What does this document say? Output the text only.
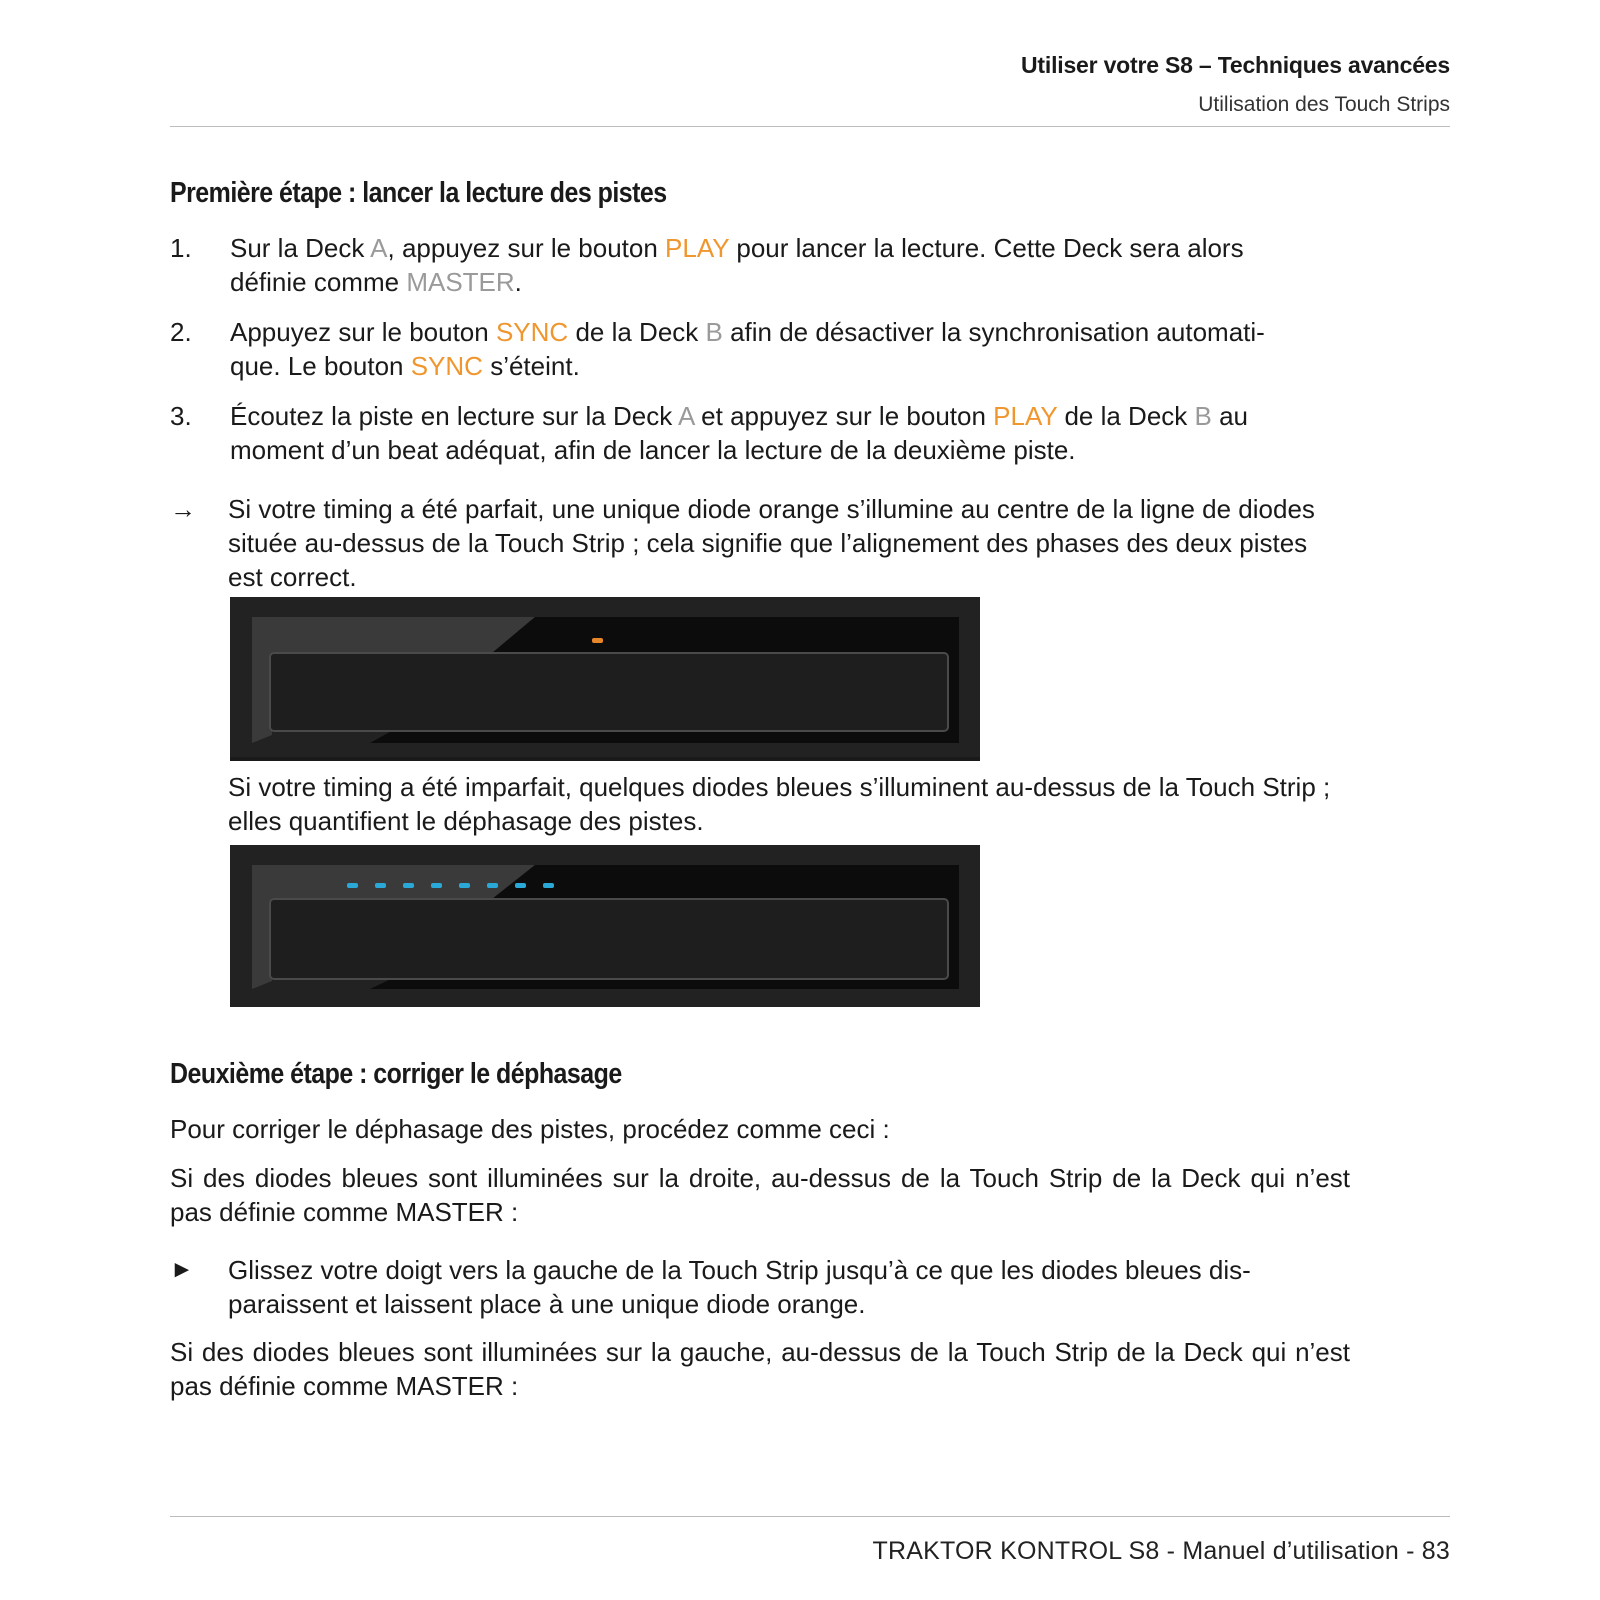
Utiliser votre S8 – Techniques avancées
Utilisation des Touch Strips
Première étape : lancer la lecture des pistes
1. Sur la Deck A, appuyez sur le bouton PLAY pour lancer la lecture. Cette Deck sera alors
définie comme MASTER.
2. Appuyez sur le bouton SYNC de la Deck B afin de désactiver la synchronisation automati-
que. Le bouton SYNC s’éteint.
3. Écoutez la piste en lecture sur la Deck A et appuyez sur le bouton PLAY de la Deck B au
moment d’un beat adéquat, afin de lancer la lecture de la deuxième piste.
→ Si votre timing a été parfait, une unique diode orange s’illumine au centre de la ligne de diodes située au-dessus de la Touch Strip ; cela signifie que l’alignement des phases des deux pistes est correct.
Si votre timing a été imparfait, quelques diodes bleues s’illuminent au-dessus de la Touch Strip ; elles quantifient le déphasage des pistes.
Deuxième étape : corriger le déphasage
Pour corriger le déphasage des pistes, procédez comme ceci :
Si des diodes bleues sont illuminées sur la droite, au-dessus de la Touch Strip de la Deck qui n’est pas définie comme MASTER :
► Glissez votre doigt vers la gauche de la Touch Strip jusqu’à ce que les diodes bleues dis-
paraissent et laissent place à une unique diode orange.
Si des diodes bleues sont illuminées sur la gauche, au-dessus de la Touch Strip de la Deck qui n’est pas définie comme MASTER :
TRAKTOR KONTROL S8 - Manuel d’utilisation - 83
